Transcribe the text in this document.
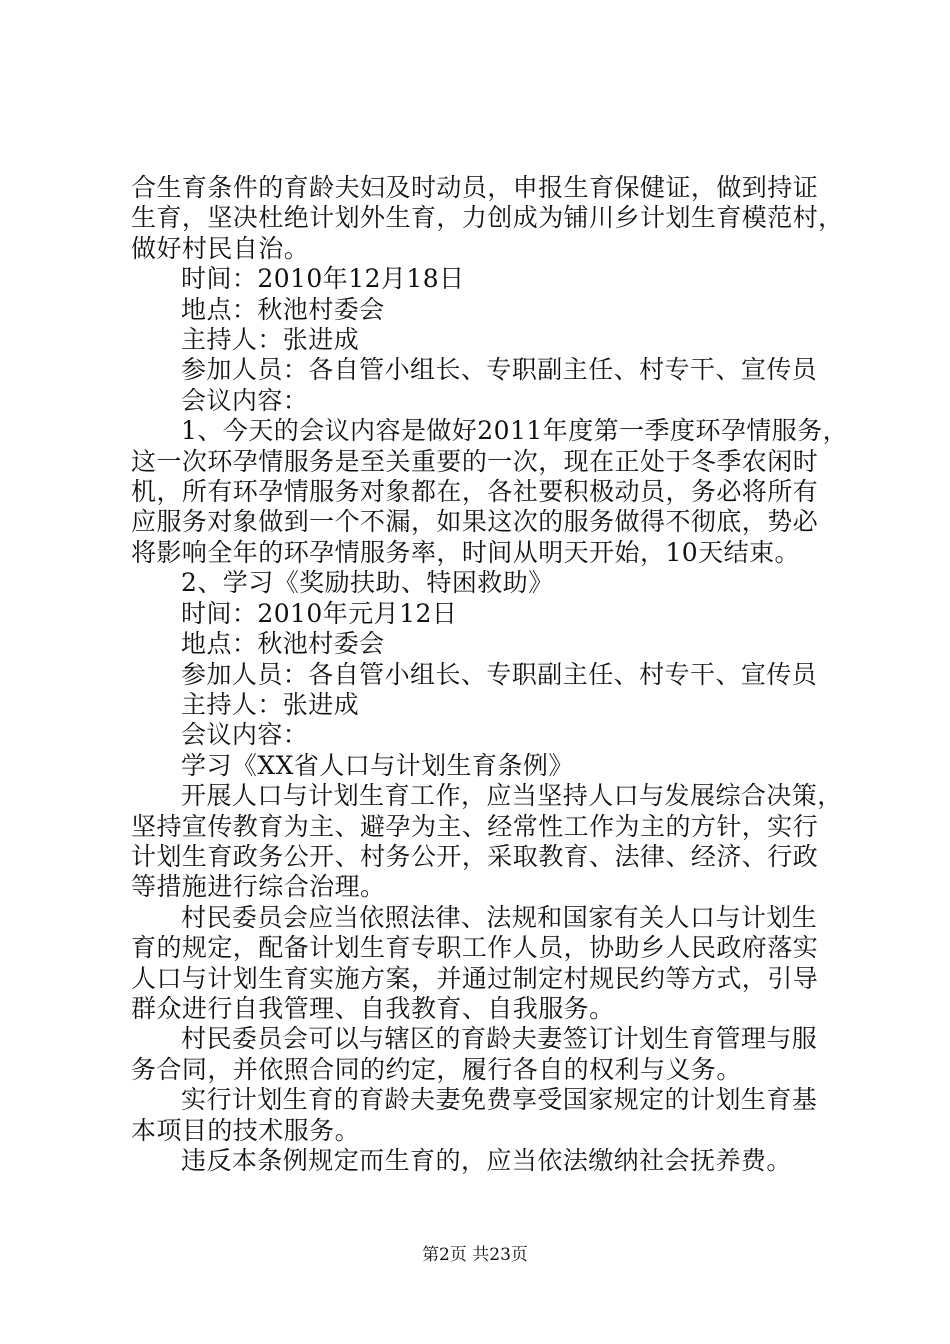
合生育条件的育龄夫妇及时动员，申报生育保健证，做到持证

生育，坚决杜绝计划外生育，力创成为铺川乡计划生育模范村，

做好村民自治。

时间：2010年12月18日

地点：秋池村委会

主持人：张进成

参加人员：各自管小组长、专职副主任、村专干、宣传员

会议内容：

1、今天的会议内容是做好2011年度第一季度环孕情服务，

这一次环孕情服务是至关重要的一次，现在正处于冬季农闲时

机，所有环孕情服务对象都在，各社要积极动员，务必将所有

应服务对象做到一个不漏，如果这次的服务做得不彻底，势必

将影响全年的环孕情服务率，时间从明天开始，10天结束。

2、学习《奖励扶助、特困救助》

时间：2010年元月12日

地点：秋池村委会

参加人员：各自管小组长、专职副主任、村专干、宣传员

主持人：张进成

会议内容：

学习《XX省人口与计划生育条例》

开展人口与计划生育工作，应当坚持人口与发展综合决策，

坚持宣传教育为主、避孕为主、经常性工作为主的方针，实行

计划生育政务公开、村务公开，采取教育、法律、经济、行政

等措施进行综合治理。

村民委员会应当依照法律、法规和国家有关人口与计划生

育的规定，配备计划生育专职工作人员，协助乡人民政府落实

人口与计划生育实施方案，并通过制定村规民约等方式，引导

群众进行自我管理、自我教育、自我服务。

村民委员会可以与辖区的育龄夫妻签订计划生育管理与服

务合同，并依照合同的约定，履行各自的权利与义务。

实行计划生育的育龄夫妻免费享受国家规定的计划生育基

本项目的技术服务。

违反本条例规定而生育的，应当依法缴纳社会抚养费。

第2页 共23页
